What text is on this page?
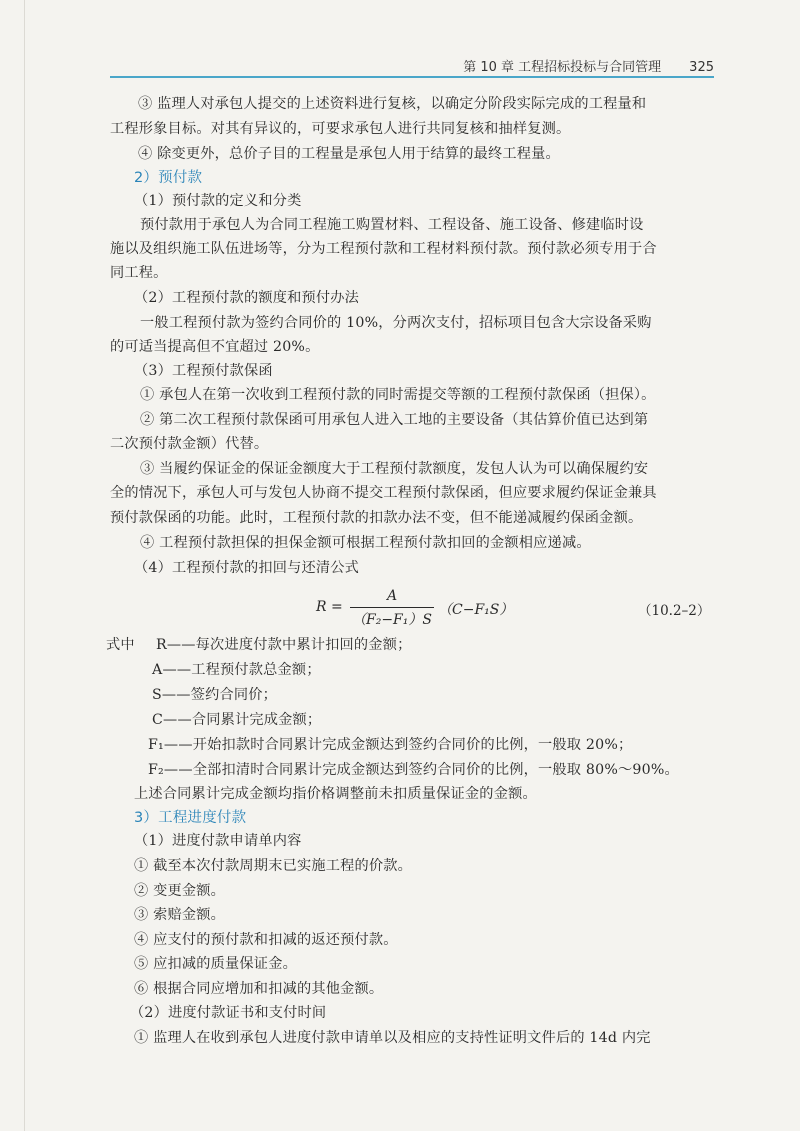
第 10 章 工程招标投标与合同管理 325
③ 监理人对承包人提交的上述资料进行复核，以确定分阶段实际完成的工程量和
工程形象目标。对其有异议的，可要求承包人进行共同复核和抽样复测。
④ 除变更外，总价子目的工程量是承包人用于结算的最终工程量。
2）预付款
（1）预付款的定义和分类
预付款用于承包人为合同工程施工购置材料、工程设备、施工设备、修建临时设
施以及组织施工队伍进场等，分为工程预付款和工程材料预付款。预付款必须专用于合
同工程。
（2）工程预付款的额度和预付办法
一般工程预付款为签约合同价的 10%，分两次支付，招标项目包含大宗设备采购
的可适当提高但不宜超过 20%。
（3）工程预付款保函
① 承包人在第一次收到工程预付款的同时需提交等额的工程预付款保函（担保）。
② 第二次工程预付款保函可用承包人进入工地的主要设备（其估算价值已达到第
二次预付款金额）代替。
③ 当履约保证金的保证金额度大于工程预付款额度，发包人认为可以确保履约安
全的情况下，承包人可与发包人协商不提交工程预付款保函，但应要求履约保证金兼具
预付款保函的功能。此时，工程预付款的扣款办法不变，但不能递减履约保函金额。
④ 工程预付款担保的担保金额可根据工程预付款扣回的金额相应递减。
（4）工程预付款的扣回与还清公式
R =
A
（F₂−F₁）S
（C−F₁S）	（10.2–2）
式中	R——每次进度付款中累计扣回的金额；
A——工程预付款总金额；
S——签约合同价；
C——合同累计完成金额；
F₁——开始扣款时合同累计完成金额达到签约合同价的比例，一般取 20%；
F₂——全部扣清时合同累计完成金额达到签约合同价的比例，一般取 80%～90%。
上述合同累计完成金额均指价格调整前未扣质量保证金的金额。
3）工程进度付款
（1）进度付款申请单内容
① 截至本次付款周期末已实施工程的价款。
② 变更金额。
③ 索赔金额。
④ 应支付的预付款和扣减的返还预付款。
⑤ 应扣减的质量保证金。
⑥ 根据合同应增加和扣减的其他金额。
（2）进度付款证书和支付时间
① 监理人在收到承包人进度付款申请单以及相应的支持性证明文件后的 14d 内完
